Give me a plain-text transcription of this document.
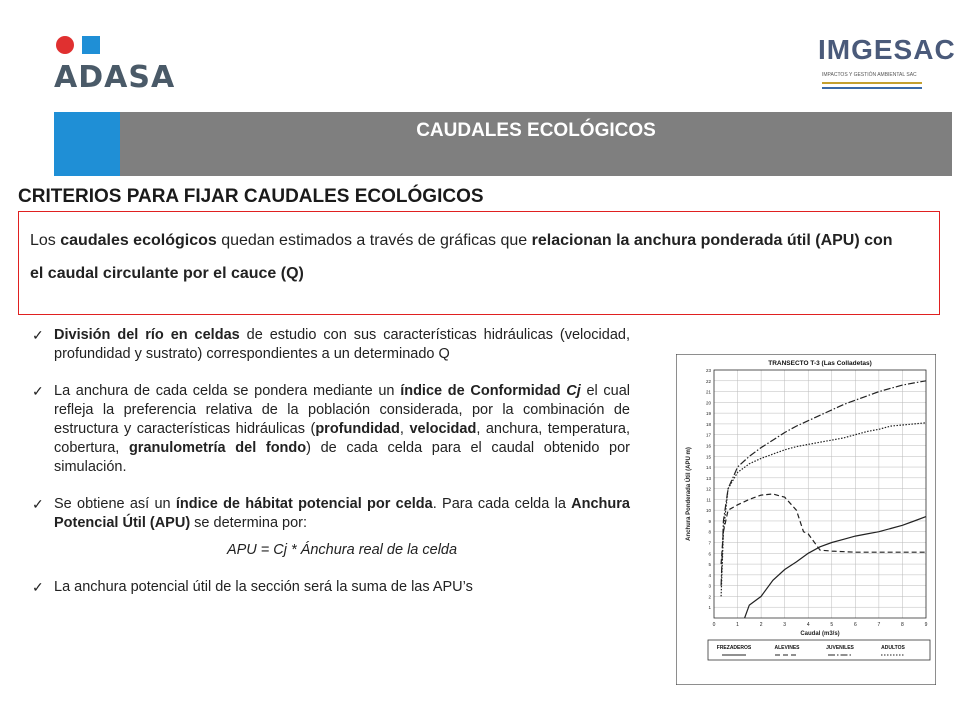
ADASA
IMGESAC
IMPACTOS Y GESTIÓN AMBIENTAL SAC
CAUDALES ECOLÓGICOS
CRITERIOS PARA FIJAR CAUDALES ECOLÓGICOS
Los caudales ecológicos quedan estimados a través de gráficas que relacionan la anchura ponderada útil (APU) con el caudal circulante por el cauce (Q)
✓ División del río en celdas de estudio con sus características hidráulicas (velocidad, profundidad y sustrato) correspondientes a un determinado Q
✓ La anchura de cada celda se pondera mediante un índice de Conformidad Cj el cual refleja la preferencia relativa de la población considerada, por la combinación de estructura y características hidráulicas (profundidad, velocidad, anchura, temperatura, cobertura, granulometría del fondo) de cada celda para el caudal obtenido por simulación.
✓ Se obtiene así un índice de hábitat potencial por celda. Para cada celda la Anchura Potencial Útil (APU) se determina por:
APU = Cj * Ánchura real de la celda
✓ La anchura potencial útil de la sección será la suma de las APU’s
TRANSECTO T-3 (Las Colladetas)
1
2
3
4
5
6
7
8
9
10
11
12
13
14
15
16
17
18
19
20
21
22
23
0	1	2	3	4	5	6	7	8	9
Caudal (m3/s)
Anchura Ponderada Útil (APU m)
FREZADEROS	ALEVINES	JUVENILES	ADULTOS
